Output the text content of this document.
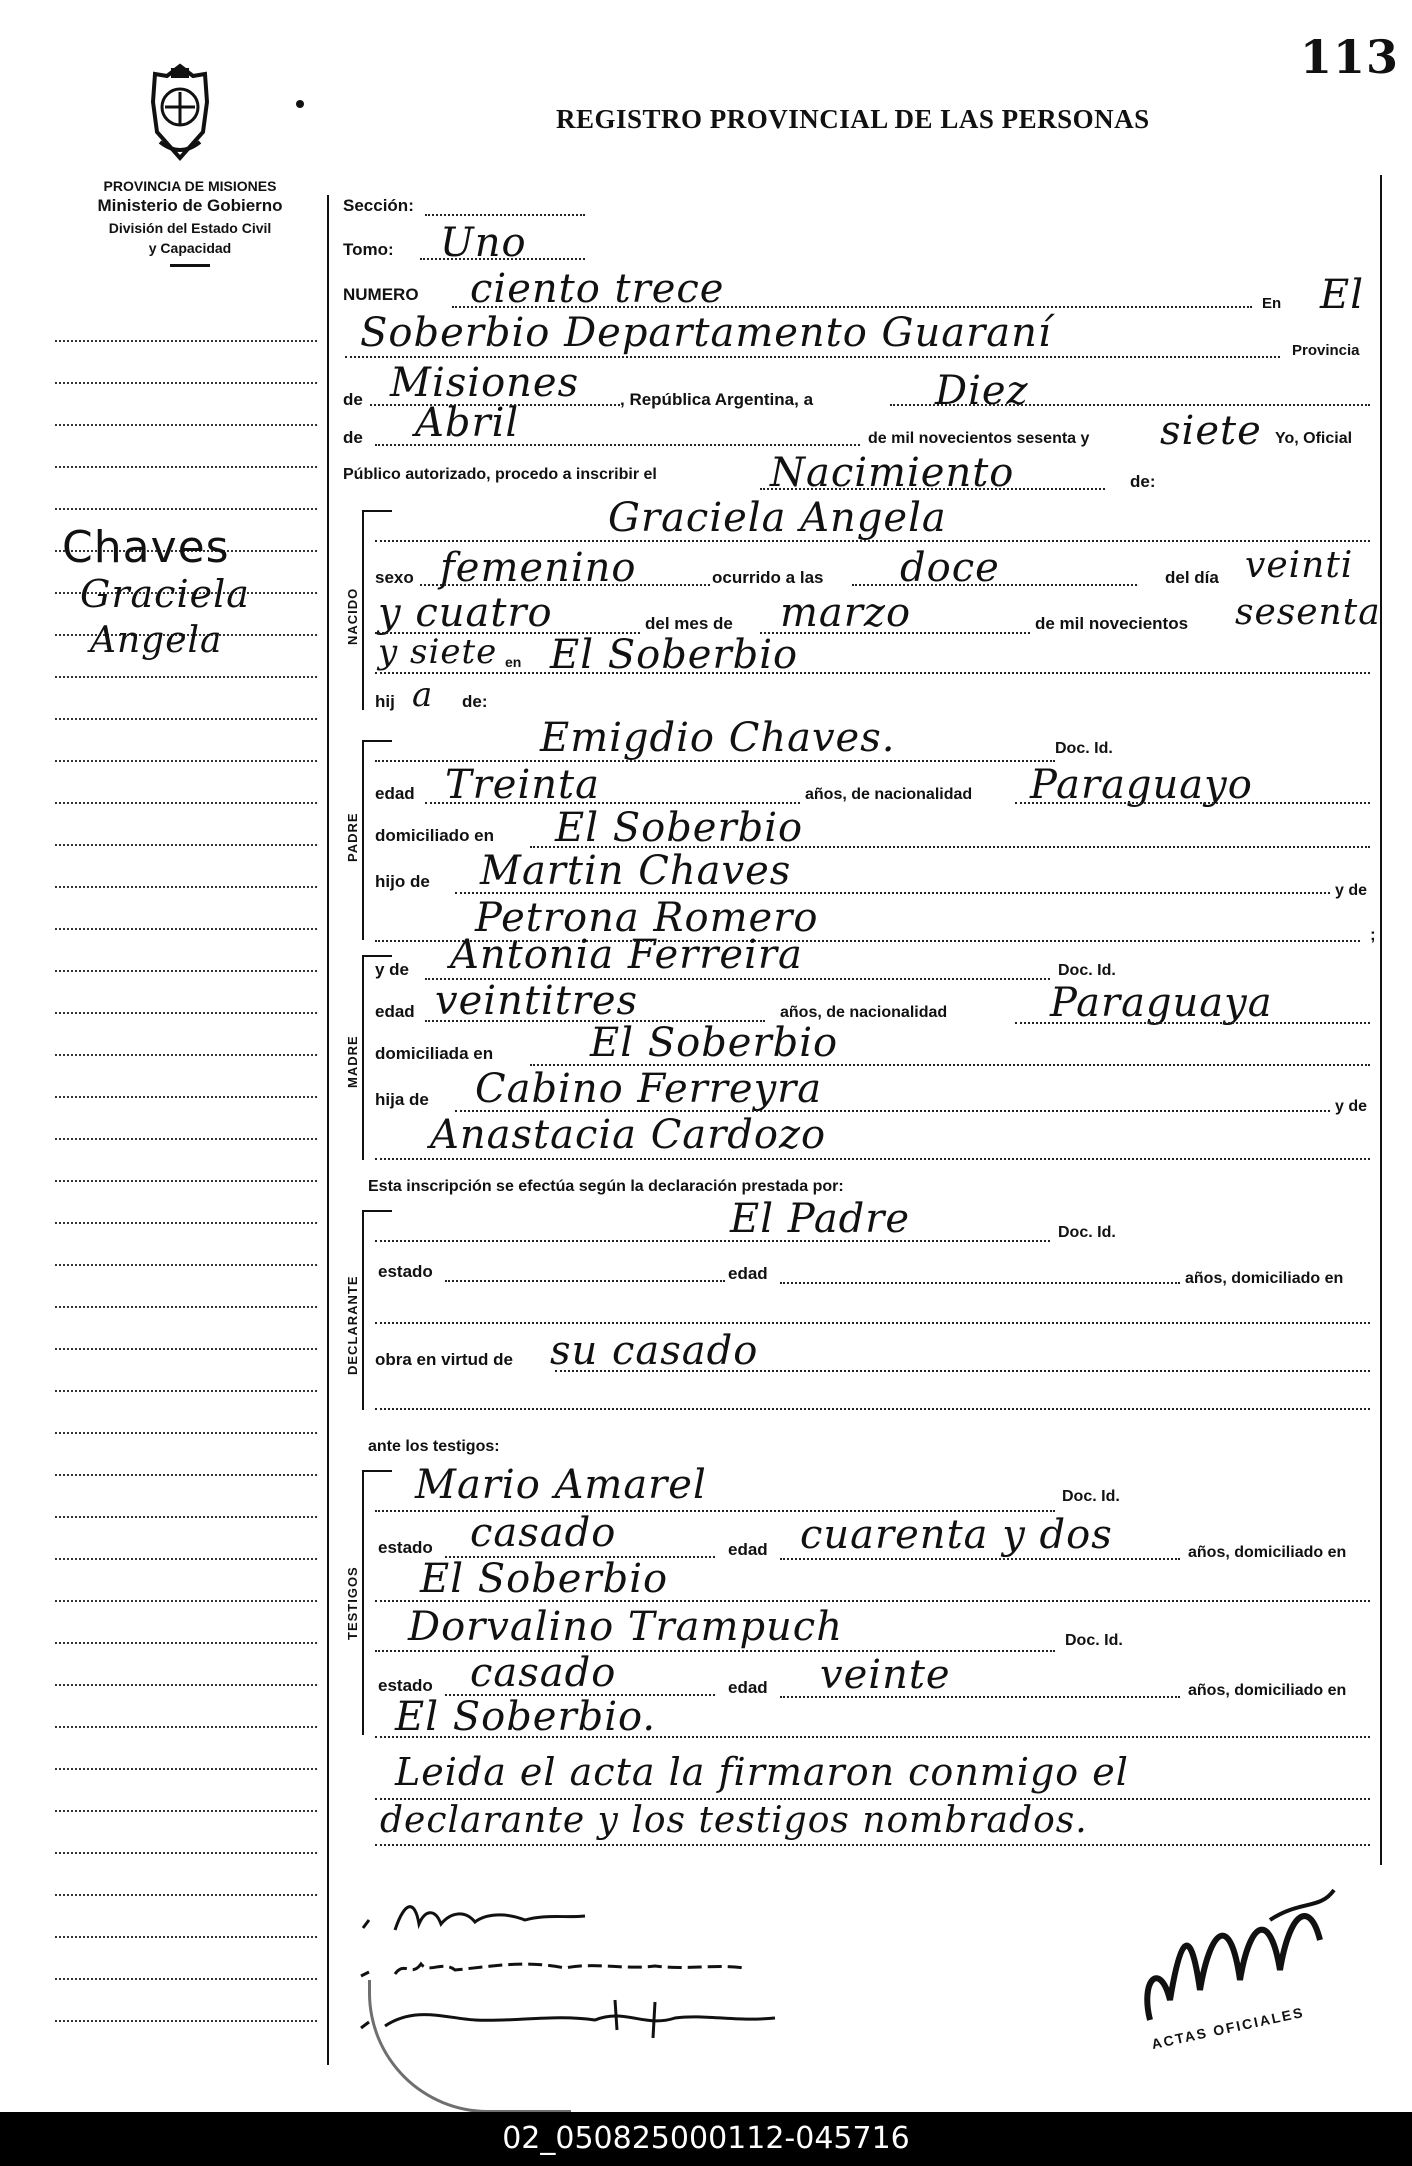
113
REGISTRO PROVINCIAL DE LAS PERSONAS
PROVINCIA DE MISIONES
Ministerio de Gobierno
División del Estado Civil
y Capacidad
Chaves
Graciela
Angela
Sección:
Tomo: Uno
NUMERO ciento trece	En El
Soberbio Departamento Guaraní	Provincia
de Misiones , República Argentina, a	Diez
de Abril	de mil novecientos sesenta y siete Yo, Oficial
Público autorizado, procedo a inscribir el	Nacimiento	de:
NACIDO
Graciela Angela
sexo femenino	ocurrido a las doce	del día veinti
y cuatro	del mes de marzo	de mil novecientos sesenta
y siete en El Soberbio
hij a de:
PADRE
Emigdio Chaves.	Doc. Id.
edad Treinta	años, de nacionalidad Paraguayo
domiciliado en El Soberbio
hijo de Martin Chaves	y de
Petrona Romero	;
MADRE
y de Antonia Ferreira	Doc. Id.
edad veintitres	años, de nacionalidad	Paraguaya
domiciliada en El Soberbio
hija de Cabino Ferreyra	y de
Anastacia Cardozo
Esta inscripción se efectúa según la declaración prestada por:
DECLARANTE
El Padre	Doc. Id.
estado	edad	años, domiciliado en
obra en virtud de su casado
ante los testigos:
TESTIGOS
Mario Amarel	Doc. Id.
estado casado	edad cuarenta y dos	años, domiciliado en
El Soberbio
Dorvalino Trampuch	Doc. Id.
estado casado	edad veinte	años, domiciliado en
El Soberbio.
Leida el acta la firmaron conmigo el
declarante y los testigos nombrados.
ACTAS OFICIALES
02_050825000112-045716
